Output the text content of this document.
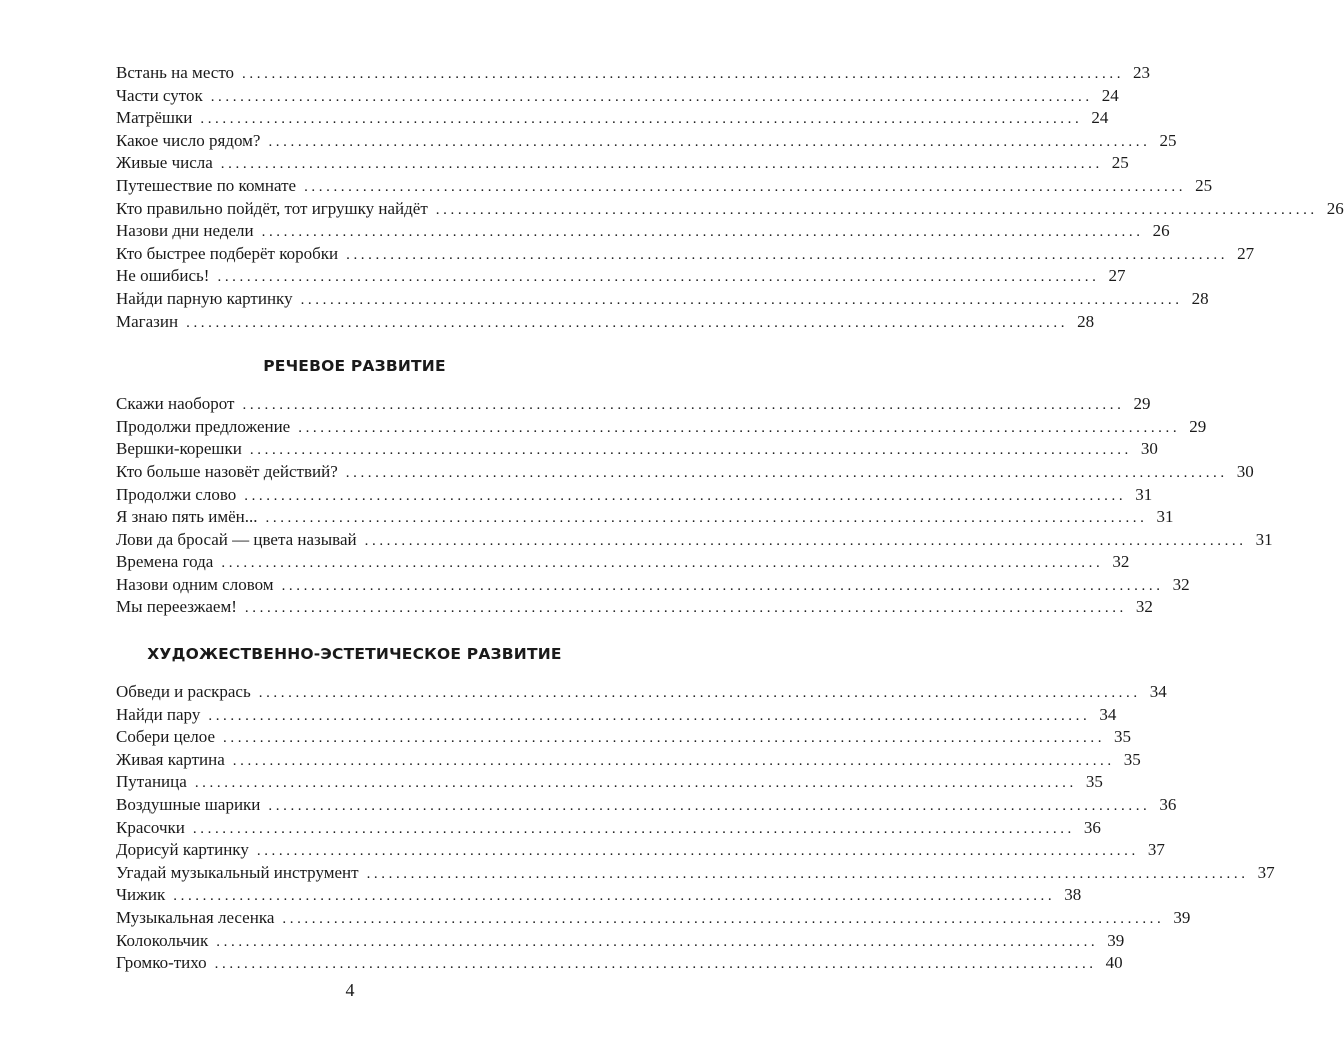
Встань на место ........................................................................................................................ 23
Части суток ........................................................................................................................ 24
Матрёшки ........................................................................................................................ 24
Какое число рядом? ........................................................................................................................ 25
Живые числа ........................................................................................................................ 25
Путешествие по комнате ........................................................................................................................ 25
Кто правильно пойдёт, тот игрушку найдёт ........................................................................................................................ 26
Назови дни недели ........................................................................................................................ 26
Кто быстрее подберёт коробки ........................................................................................................................ 27
Не ошибись! ........................................................................................................................ 27
Найди парную картинку ........................................................................................................................ 28
Магазин ........................................................................................................................ 28
РЕЧЕВОЕ РАЗВИТИЕ
Скажи наоборот ........................................................................................................................ 29
Продолжи предложение ........................................................................................................................ 29
Вершки-корешки ........................................................................................................................ 30
Кто больше назовёт действий? ........................................................................................................................ 30
Продолжи слово ........................................................................................................................ 31
Я знаю пять имён... ........................................................................................................................ 31
Лови да бросай — цвета называй ........................................................................................................................ 31
Времена года ........................................................................................................................ 32
Назови одним словом ........................................................................................................................ 32
Мы переезжаем! ........................................................................................................................ 32
ХУДОЖЕСТВЕННО-ЭСТЕТИЧЕСКОЕ РАЗВИТИЕ
Обведи и раскрась ........................................................................................................................ 34
Найди пару ........................................................................................................................ 34
Собери целое ........................................................................................................................ 35
Живая картина ........................................................................................................................ 35
Путаница ........................................................................................................................ 35
Воздушные шарики ........................................................................................................................ 36
Красочки ........................................................................................................................ 36
Дорисуй картинку ........................................................................................................................ 37
Угадай музыкальный инструмент ........................................................................................................................ 37
Чижик ........................................................................................................................ 38
Музыкальная лесенка ........................................................................................................................ 39
Колокольчик ........................................................................................................................ 39
Громко-тихо ........................................................................................................................ 40
4
